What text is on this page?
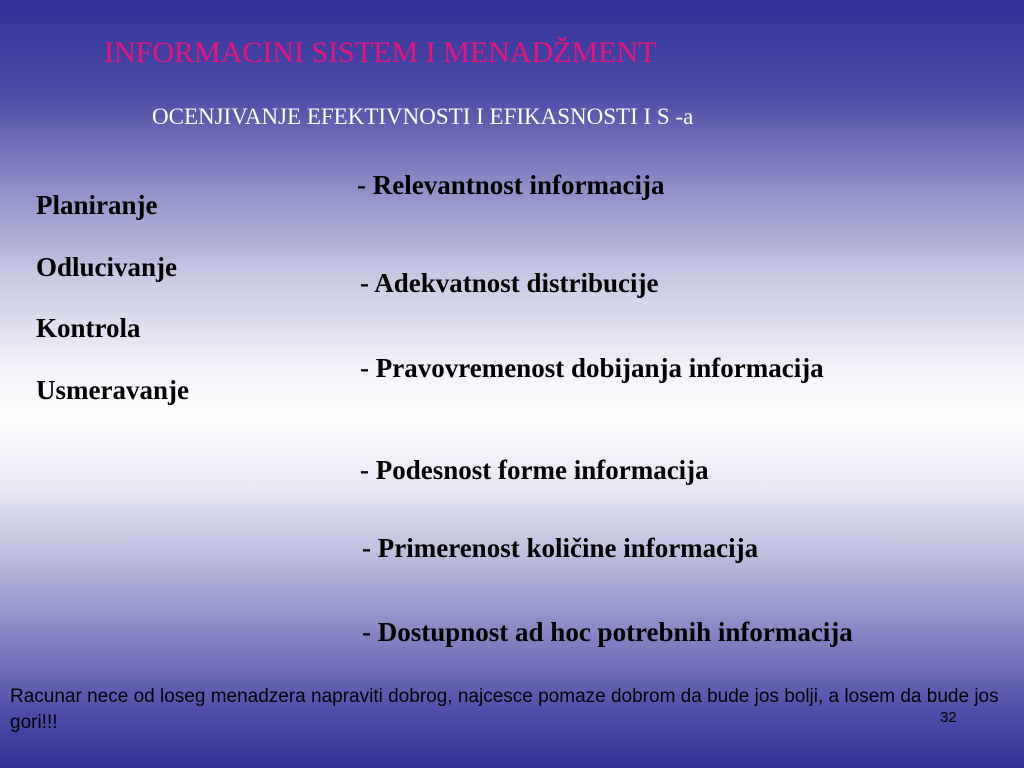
INFORMACINI SISTEM I MENADŽMENT
OCENJIVANJE EFEKTIVNOSTI I EFIKASNOSTI I S -a
Planiranje
Odlucivanje
Kontrola
Usmeravanje
- Relevantnost informacija
- Adekvatnost distribucije
- Pravovremenost dobijanja informacija
- Podesnost forme informacija
- Primerenost količine informacija
- Dostupnost ad hoc potrebnih informacija
Racunar nece od loseg menadzera napraviti dobrog, najcesce pomaze dobrom da bude jos bolji, a losem da bude jos gori!!!	32
